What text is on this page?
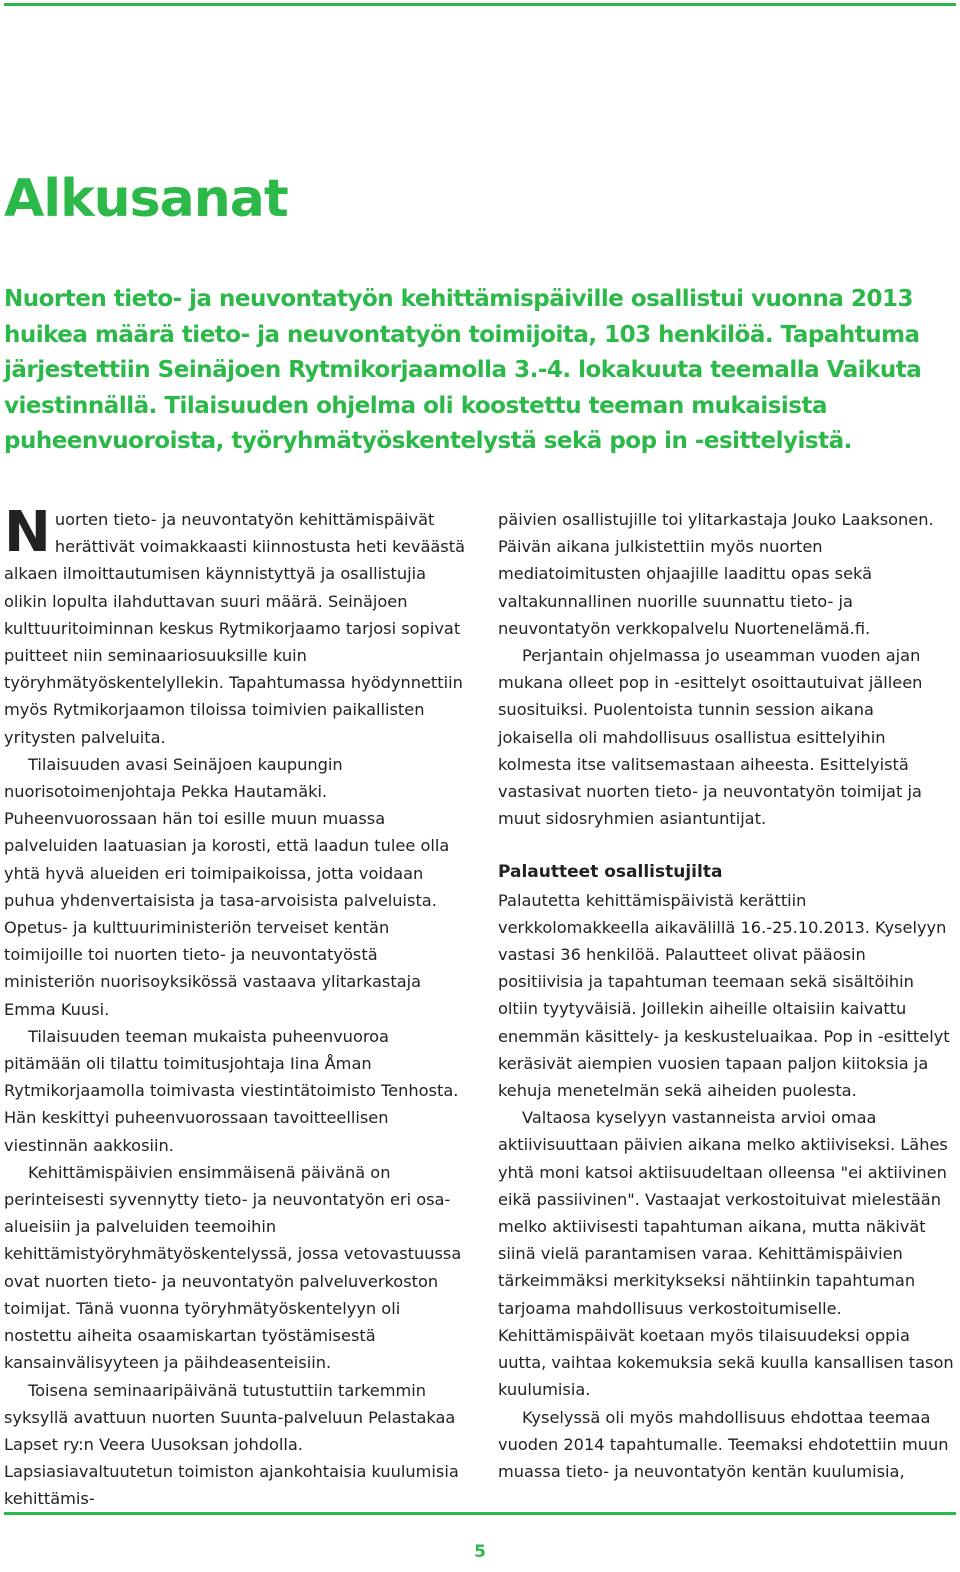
Alkusanat

Nuorten tieto- ja neuvontatyön kehittämispäiville osallistui vuonna 2013 huikea määrä tieto- ja neuvontatyön toimijoita, 103 henkilöä. Tapahtuma järjestettiin Seinäjoen Rytmikorjaamolla 3.-4. lokakuuta teemalla Vaikuta viestinnällä. Tilaisuuden ohjelma oli koostettu teeman mukaisista puheenvuoroista, työryhmätyöskentelystä sekä pop in -esittelyistä.

Nuorten tieto- ja neuvontatyön kehittämispäivät herättivät voimakkaasti kiinnostusta heti keväästä alkaen ilmoittautumisen käynnistyttyä ja osallistujia olikin lopulta ilahduttavan suuri määrä. Seinäjoen kulttuuritoiminnan keskus Rytmikorjaamo tarjosi sopivat puitteet niin seminaariosuuksille kuin työryhmätyöskentelyllekin. Tapahtumassa hyödynnettiin myös Rytmikorjaamon tiloissa toimivien paikallisten yritysten palveluita.

Tilaisuuden avasi Seinäjoen kaupungin nuorisotoimenjohtaja Pekka Hautamäki. Puheenvuorossaan hän toi esille muun muassa palveluiden laatuasian ja korosti, että laadun tulee olla yhtä hyvä alueiden eri toimipaikoissa, jotta voidaan puhua yhdenvertaisista ja tasa-arvoisista palveluista. Opetus- ja kulttuuriministeriön terveiset kentän toimijoille toi nuorten tieto- ja neuvontatyöstä ministeriön nuorisoyksikössä vastaava ylitarkastaja Emma Kuusi.

Tilaisuuden teeman mukaista puheenvuoroa pitämään oli tilattu toimitusjohtaja Iina Åman Rytmikorjaamolla toimivasta viestintätoimisto Tenhosta. Hän keskittyi puheenvuorossaan tavoitteellisen viestinnän aakkosiin.

Kehittämispäivien ensimmäisenä päivänä on perinteisesti syvennytty tieto- ja neuvontatyön eri osa-alueisiin ja palveluiden teemoihin kehittämistyöryhmätyöskentelyssä, jossa vetovastuussa ovat nuorten tieto- ja neuvontatyön palveluverkoston toimijat. Tänä vuonna työryhmätyöskentelyyn oli nostettu aiheita osaamiskartan työstämisestä kansainvälisyyteen ja päihdeasenteisiin.

Toisena seminaaripäivänä tutustuttiin tarkemmin syksyllä avattuun nuorten Suunta-palveluun Pelastakaa Lapset ry:n Veera Uusoksan johdolla. Lapsiasiavaltuutetun toimiston ajankohtaisia kuulumisia kehittämis-

päivien osallistujille toi ylitarkastaja Jouko Laaksonen. Päivän aikana julkistettiin myös nuorten mediatoimitusten ohjaajille laadittu opas sekä valtakunnallinen nuorille suunnattu tieto- ja neuvontatyön verkkopalvelu Nuortenelämä.fi.

Perjantain ohjelmassa jo useamman vuoden ajan mukana olleet pop in -esittelyt osoittautuivat jälleen suosituiksi. Puolentoista tunnin session aikana jokaisella oli mahdollisuus osallistua esittelyihin kolmesta itse valitsemastaan aiheesta. Esittelyistä vastasivat nuorten tieto- ja neuvontatyön toimijat ja muut sidosryhmien asiantuntijat.

Palautteet osallistujilta

Palautetta kehittämispäivistä kerättiin verkkolomakkeella aikavälillä 16.-25.10.2013. Kyselyyn vastasi 36 henkilöä. Palautteet olivat pääosin positiivisia ja tapahtuman teemaan sekä sisältöihin oltiin tyytyväisiä. Joillekin aiheille oltaisiin kaivattu enemmän käsittely- ja keskusteluaikaa. Pop in -esittelyt keräsivät aiempien vuosien tapaan paljon kiitoksia ja kehuja menetelmän sekä aiheiden puolesta.

Valtaosa kyselyyn vastanneista arvioi omaa aktiivisuuttaan päivien aikana melko aktiiviseksi. Lähes yhtä moni katsoi aktiisuudeltaan olleensa "ei aktiivinen eikä passiivinen". Vastaajat verkostoituivat mielestään melko aktiivisesti tapahtuman aikana, mutta näkivät siinä vielä parantamisen varaa. Kehittämispäivien tärkeimmäksi merkitykseksi nähtiinkin tapahtuman tarjoama mahdollisuus verkostoitumiselle. Kehittämispäivät koetaan myös tilaisuudeksi oppia uutta, vaihtaa kokemuksia sekä kuulla kansallisen tason kuulumisia.

Kyselyssä oli myös mahdollisuus ehdottaa teemaa vuoden 2014 tapahtumalle. Teemaksi ehdotettiin muun muassa tieto- ja neuvontatyön kentän kuulumisia,

5
